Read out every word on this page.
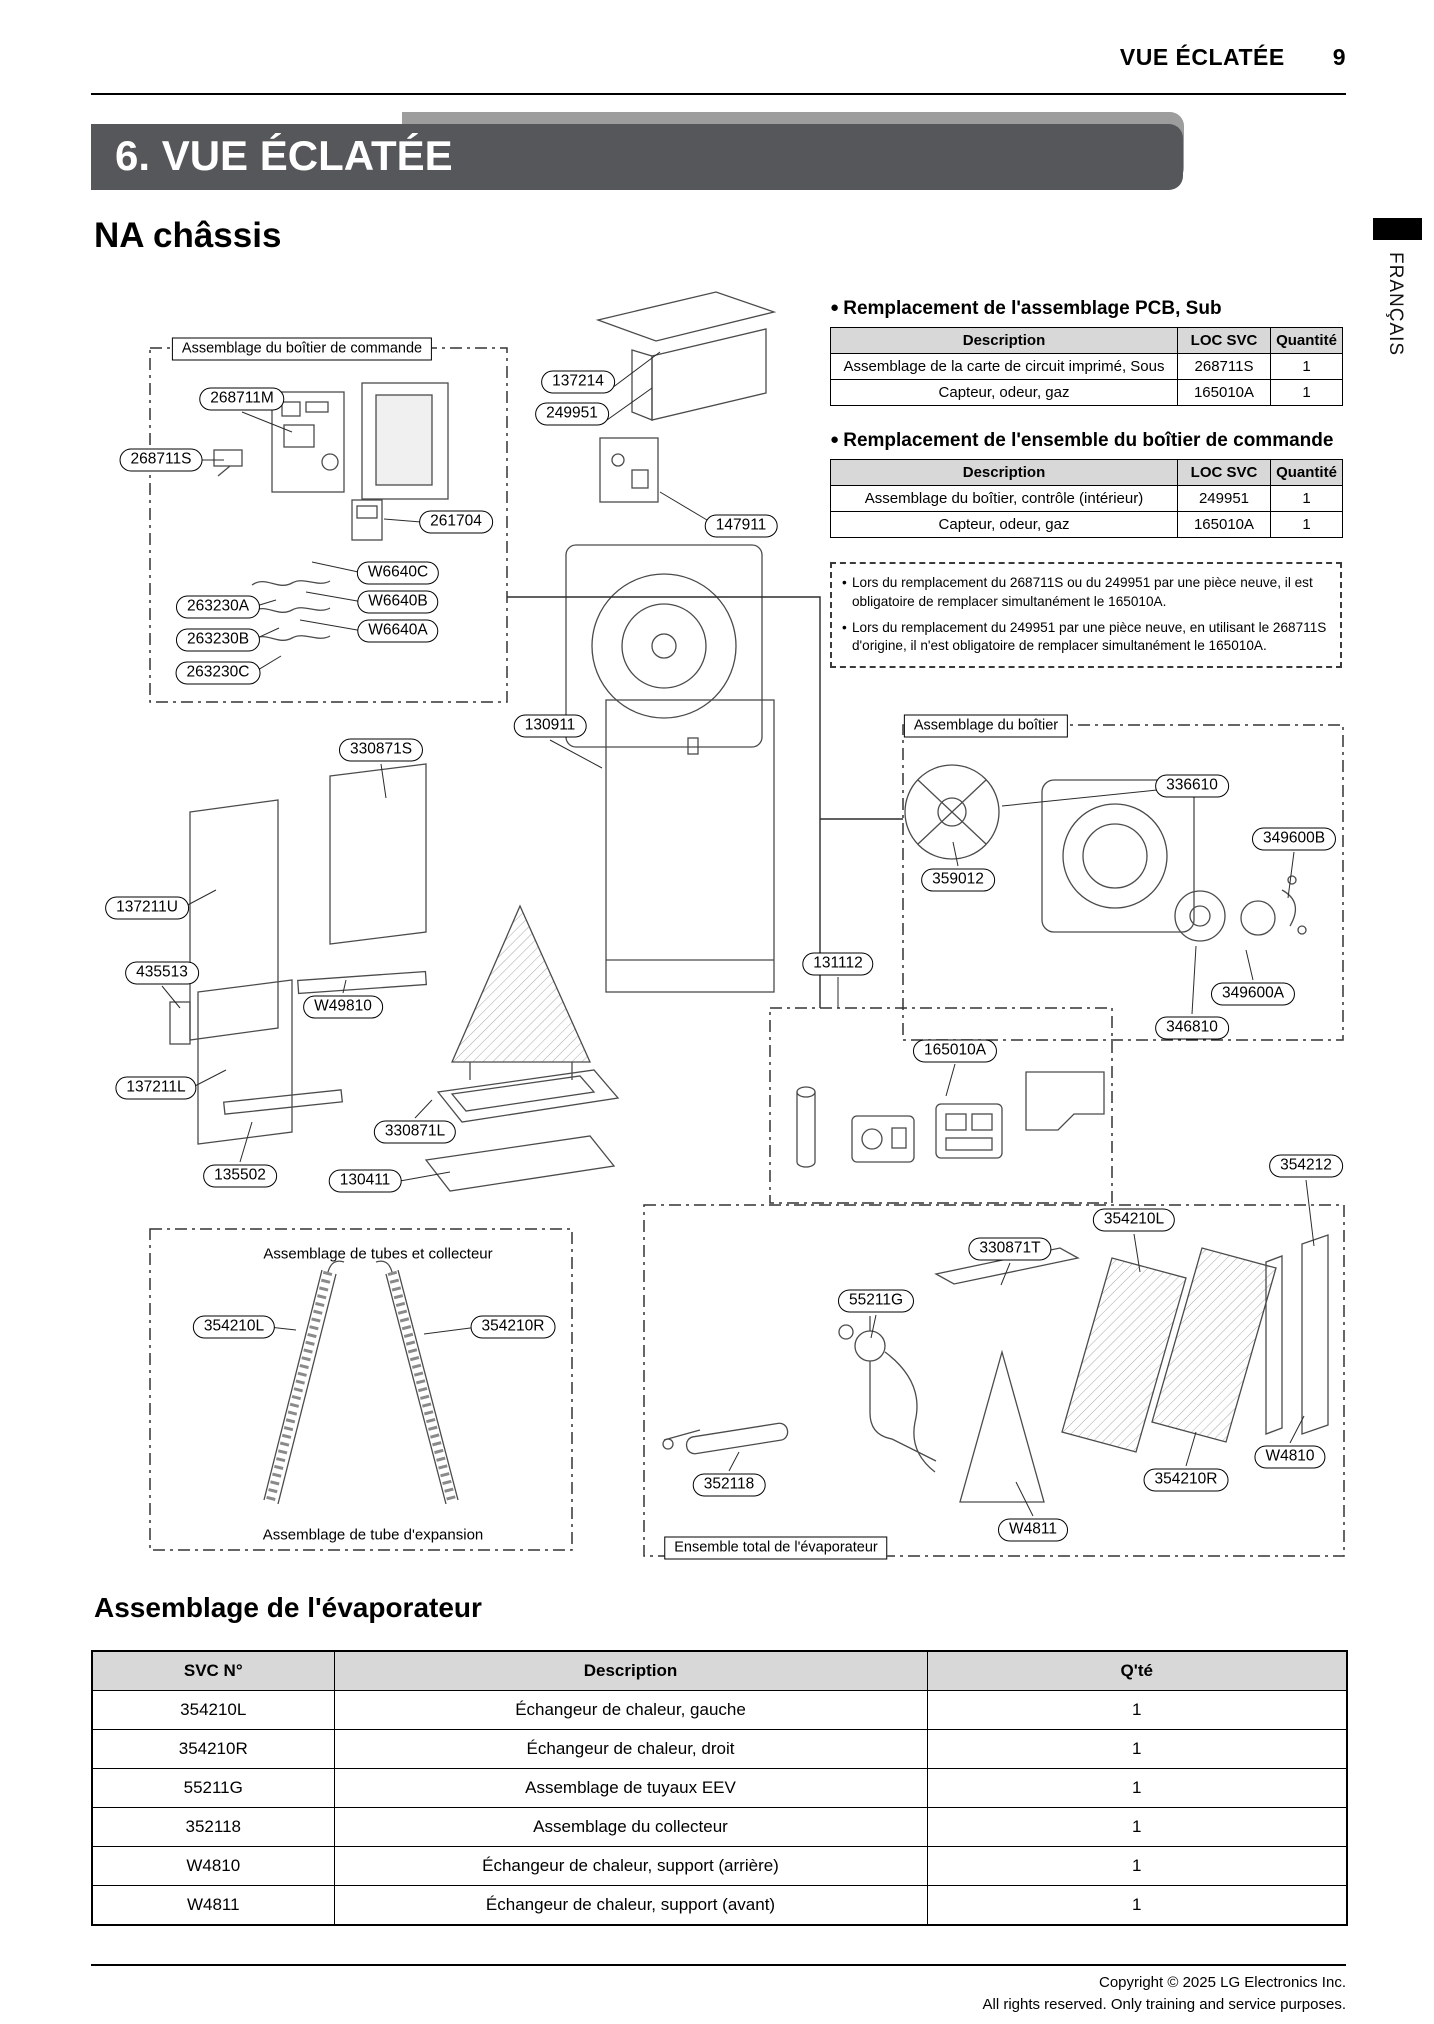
VUE ÉCLATÉE 9
6. VUE ÉCLATÉE
NA châssis
FRANÇAIS
Assemblage du boîtier de commande
137214
249951
268711M
268711S
261704	147911
W6640C
W6640B
W6640A
263230A
263230B
263230C
130911
330871S
137211U
435513
W49810
137211L
330871L
135502	130411
131112
165010A
Assemblage du boîtier
336610
359012
349600B
349600A
346810
354212
354210L
330871T
55211G
Assemblage de tubes et collecteur
354210L	354210R
352118
W4811
354210R
W4810
Assemblage de tube d'expansion
Ensemble total de l'évaporateur
● Remplacement de l'assemblage PCB, Sub
Description	LOC SVC	Quantité
Assemblage de la carte de circuit imprimé, Sous	268711S	1
Capteur, odeur, gaz	165010A	1
● Remplacement de l'ensemble du boîtier de commande
Description	LOC SVC	Quantité
Assemblage du boîtier, contrôle (intérieur)	249951	1
Capteur, odeur, gaz	165010A	1
• Lors du remplacement du 268711S ou du 249951 par une pièce neuve, il est obligatoire de remplacer simultanément le 165010A.
• Lors du remplacement du 249951 par une pièce neuve, en utilisant le 268711S d'origine, il n'est obligatoire de remplacer simultanément le 165010A.
Assemblage de l'évaporateur
SVC N°	Description	Q'té
354210L	Échangeur de chaleur, gauche	1
354210R	Échangeur de chaleur, droit	1
55211G	Assemblage de tuyaux EEV	1
352118	Assemblage du collecteur	1
W4810	Échangeur de chaleur, support (arrière)	1
W4811	Échangeur de chaleur, support (avant)	1
Copyright © 2025 LG Electronics Inc.
All rights reserved. Only training and service purposes.
